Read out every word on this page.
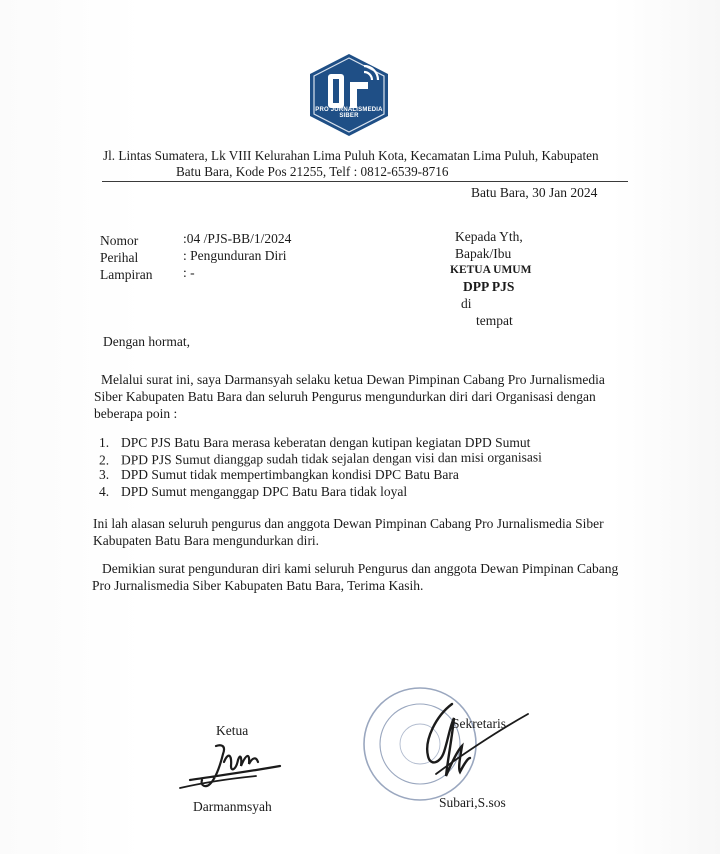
PRO JURNALISMEDIA SIBER
Jl. Lintas Sumatera, Lk VIII Kelurahan Lima Puluh Kota, Kecamatan Lima Puluh, Kabupaten
Batu Bara, Kode Pos 21255, Telf : 0812-6539-8716
Batu Bara, 30 Jan 2024
Nomor	:04 /PJS-BB/1/2024
Perihal	: Pengunduran Diri
Lampiran : -
Kepada Yth,
Bapak/Ibu
KETUA UMUM
DPP PJS
di
tempat
Dengan hormat,
Melalui surat ini, saya Darmansyah selaku ketua Dewan Pimpinan Cabang Pro Jurnalismedia
Siber Kabupaten Batu Bara dan seluruh Pengurus mengundurkan diri dari Organisasi dengan
beberapa poin :
1. DPC PJS Batu Bara merasa keberatan dengan kutipan kegiatan DPD Sumut
2. DPD PJS Sumut dianggap sudah tidak sejalan dengan visi dan misi organisasi
3. DPD Sumut tidak mempertimbangkan kondisi DPC Batu Bara
4. DPD Sumut menganggap DPC Batu Bara tidak loyal
Ini lah alasan seluruh pengurus dan anggota Dewan Pimpinan Cabang Pro Jurnalismedia Siber
Kabupaten Batu Bara mengundurkan diri.
Demikian surat pengunduran diri kami seluruh Pengurus dan anggota Dewan Pimpinan Cabang
Pro Jurnalismedia Siber Kabupaten Batu Bara, Terima Kasih.
Ketua
Darmanmsyah
Sekretaris
Subari,S.sos
